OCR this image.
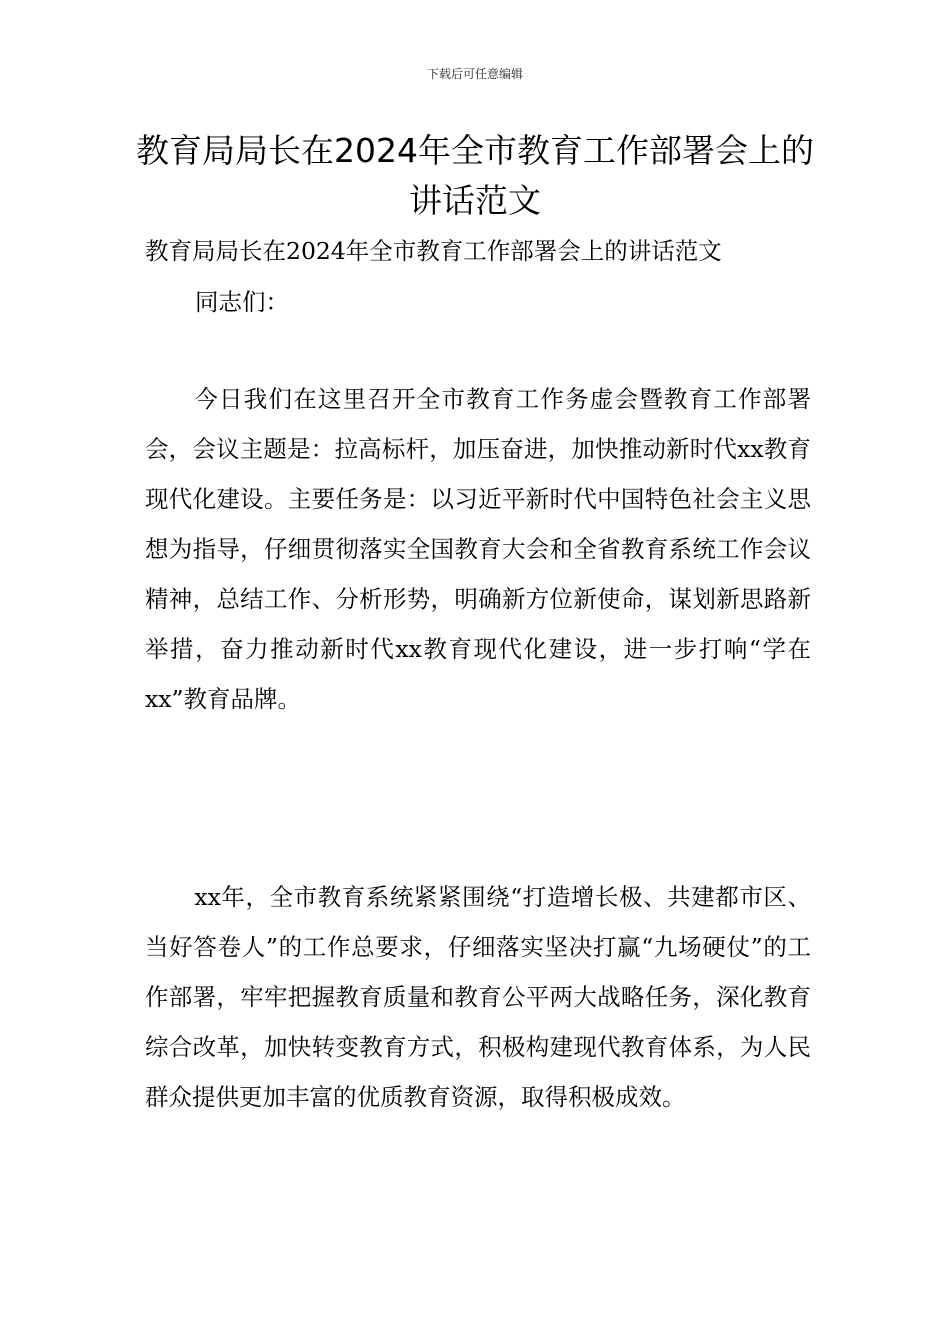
下载后可任意编辑
教育局局长在2024年全市教育工作部署会上的讲话范文

教育局局长在2024年全市教育工作部署会上的讲话范文

同志们：

今日我们在这里召开全市教育工作务虚会暨教育工作部署会，会议主题是：拉高标杆，加压奋进，加快推动新时代xx教育现代化建设。主要任务是：以习近平新时代中国特色社会主义思想为指导，仔细贯彻落实全国教育大会和全省教育系统工作会议精神，总结工作、分析形势，明确新方位新使命，谋划新思路新举措，奋力推动新时代xx教育现代化建设，进一步打响“学在xx”教育品牌。

xx年，全市教育系统紧紧围绕“打造增长极、共建都市区、当好答卷人”的工作总要求，仔细落实坚决打赢“九场硬仗”的工作部署，牢牢把握教育质量和教育公平两大战略任务，深化教育综合改革，加快转变教育方式，积极构建现代教育体系，为人民群众提供更加丰富的优质教育资源，取得积极成效。
